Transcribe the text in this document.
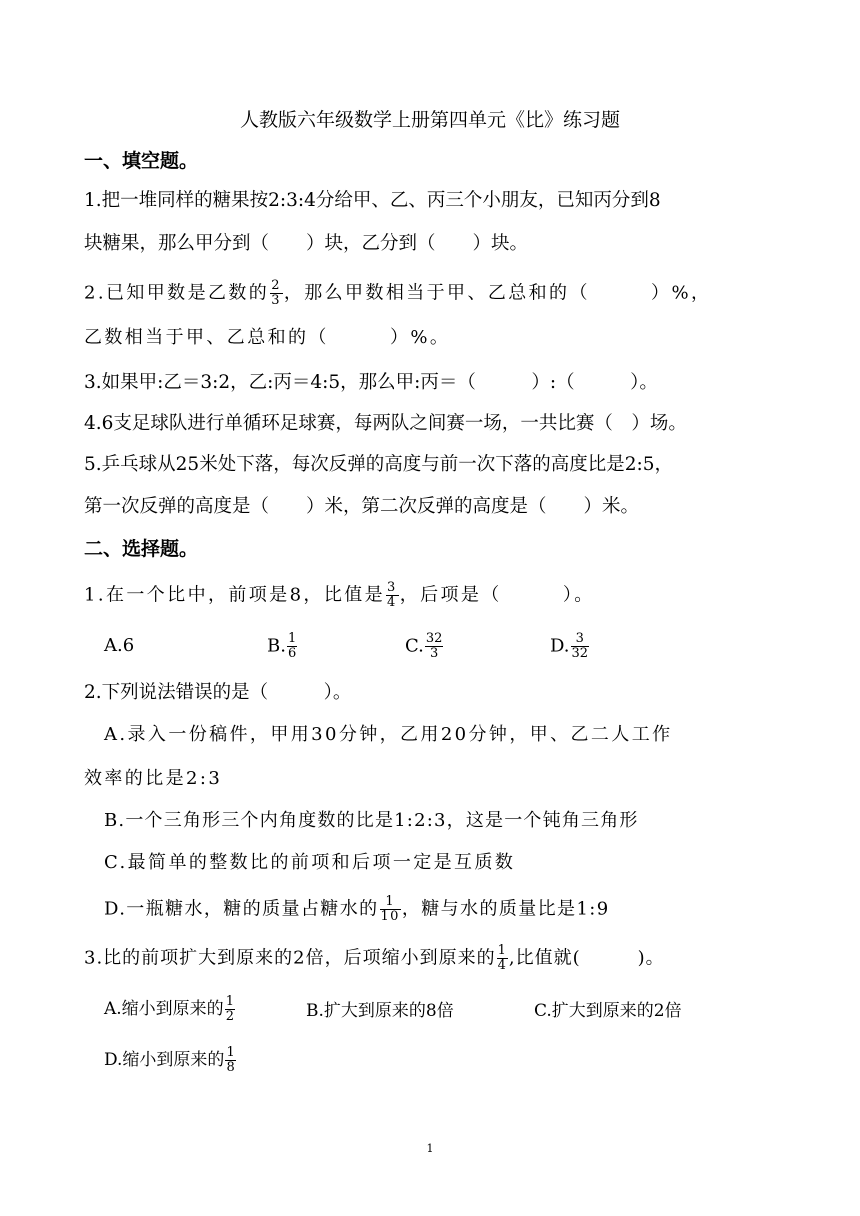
人教版六年级数学上册第四单元《比》练习题
一、填空题。
1.把一堆同样的糖果按2:3:4分给甲、乙、丙三个小朋友，已知丙分到8
块糖果，那么甲分到（　　）块，乙分到（　　）块。
2.已知甲数是乙数的 $\frac{2}{3}$ ，那么甲数相当于甲、乙总和的（　　　）%，
乙数相当于甲、乙总和的（　　　）%。
3.如果甲:乙＝3:2，乙:丙＝4:5，那么甲:丙＝（　　　）:（　　　）。
4.6支足球队进行单循环足球赛，每两队之间赛一场，一共比赛（　）场。
5.乒乓球从25米处下落，每次反弹的高度与前一次下落的高度比是2:5，
第一次反弹的高度是（　　）米，第二次反弹的高度是（　　）米。
二、选择题。
1.在一个比中，前项是8，比值是 $\frac{3}{4}$ ，后项是（　　　）。
A.6	B. $\frac{1}{6}$	C. $\frac{32}{3}$	D. $\frac{3}{32}$
2.下列说法错误的是（　　　）。
A.录入一份稿件，甲用30分钟，乙用20分钟，甲、乙二人工作
效率的比是2:3
B.一个三角形三个内角度数的比是1:2:3，这是一个钝角三角形
C.最简单的整数比的前项和后项一定是互质数
D.一瓶糖水，糖的质量占糖水的 $\frac{1}{10}$ ，糖与水的质量比是1:9
3.比的前项扩大到原来的2倍，后项缩小到原来的 $\frac{1}{4}$ ,比值就(　　　)。
A.缩小到原来的 $\frac{1}{2}$	B.扩大到原来的8倍	C.扩大到原来的2倍
D.缩小到原来的 $\frac{1}{8}$
1
